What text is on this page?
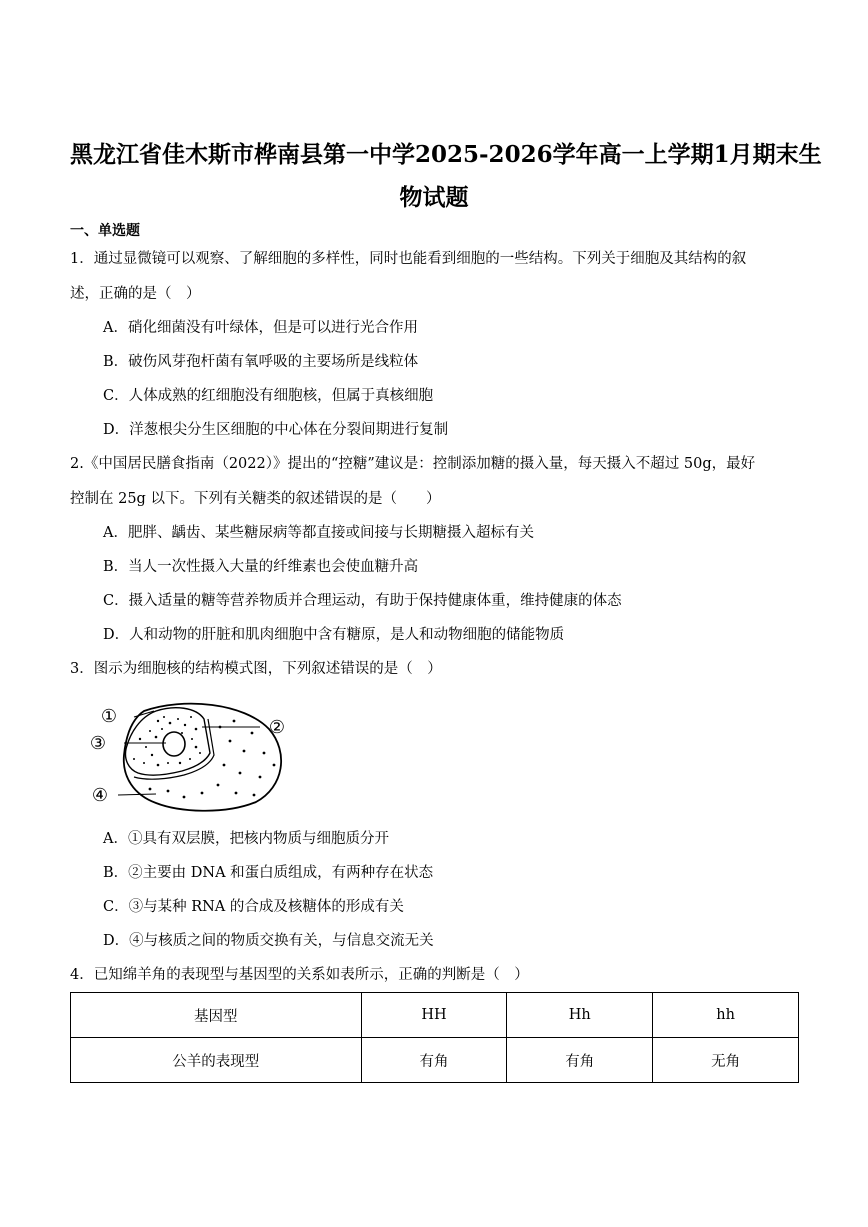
黑龙江省佳木斯市桦南县第一中学2025-2026学年高一上学期1月期末生
物试题
一、单选题
1．通过显微镜可以观察、了解细胞的多样性，同时也能看到细胞的一些结构。下列关于细胞及其结构的叙
述，正确的是（　）
A．硝化细菌没有叶绿体，但是可以进行光合作用
B．破伤风芽孢杆菌有氧呼吸的主要场所是线粒体
C．人体成熟的红细胞没有细胞核，但属于真核细胞
D．洋葱根尖分生区细胞的中心体在分裂间期进行复制
2.《中国居民膳食指南（2022）》提出的“控糖”建议是：控制添加糖的摄入量，每天摄入不超过 50g，最好
控制在 25g 以下。下列有关糖类的叙述错误的是（　　）
A．肥胖、龋齿、某些糖尿病等都直接或间接与长期糖摄入超标有关
B．当人一次性摄入大量的纤维素也会使血糖升高
C．摄入适量的糖等营养物质并合理运动，有助于保持健康体重，维持健康的体态
D．人和动物的肝脏和肌肉细胞中含有糖原，是人和动物细胞的储能物质
3．图示为细胞核的结构模式图，下列叙述错误的是（　）
①
②
③
④
A．①具有双层膜，把核内物质与细胞质分开
B．②主要由 DNA 和蛋白质组成，有两种存在状态
C．③与某种 RNA 的合成及核糖体的形成有关
D．④与核质之间的物质交换有关，与信息交流无关
4．已知绵羊角的表现型与基因型的关系如表所示，正确的判断是（　）
基因型	HH	Hh	hh
公羊的表现型	有角	有角	无角
